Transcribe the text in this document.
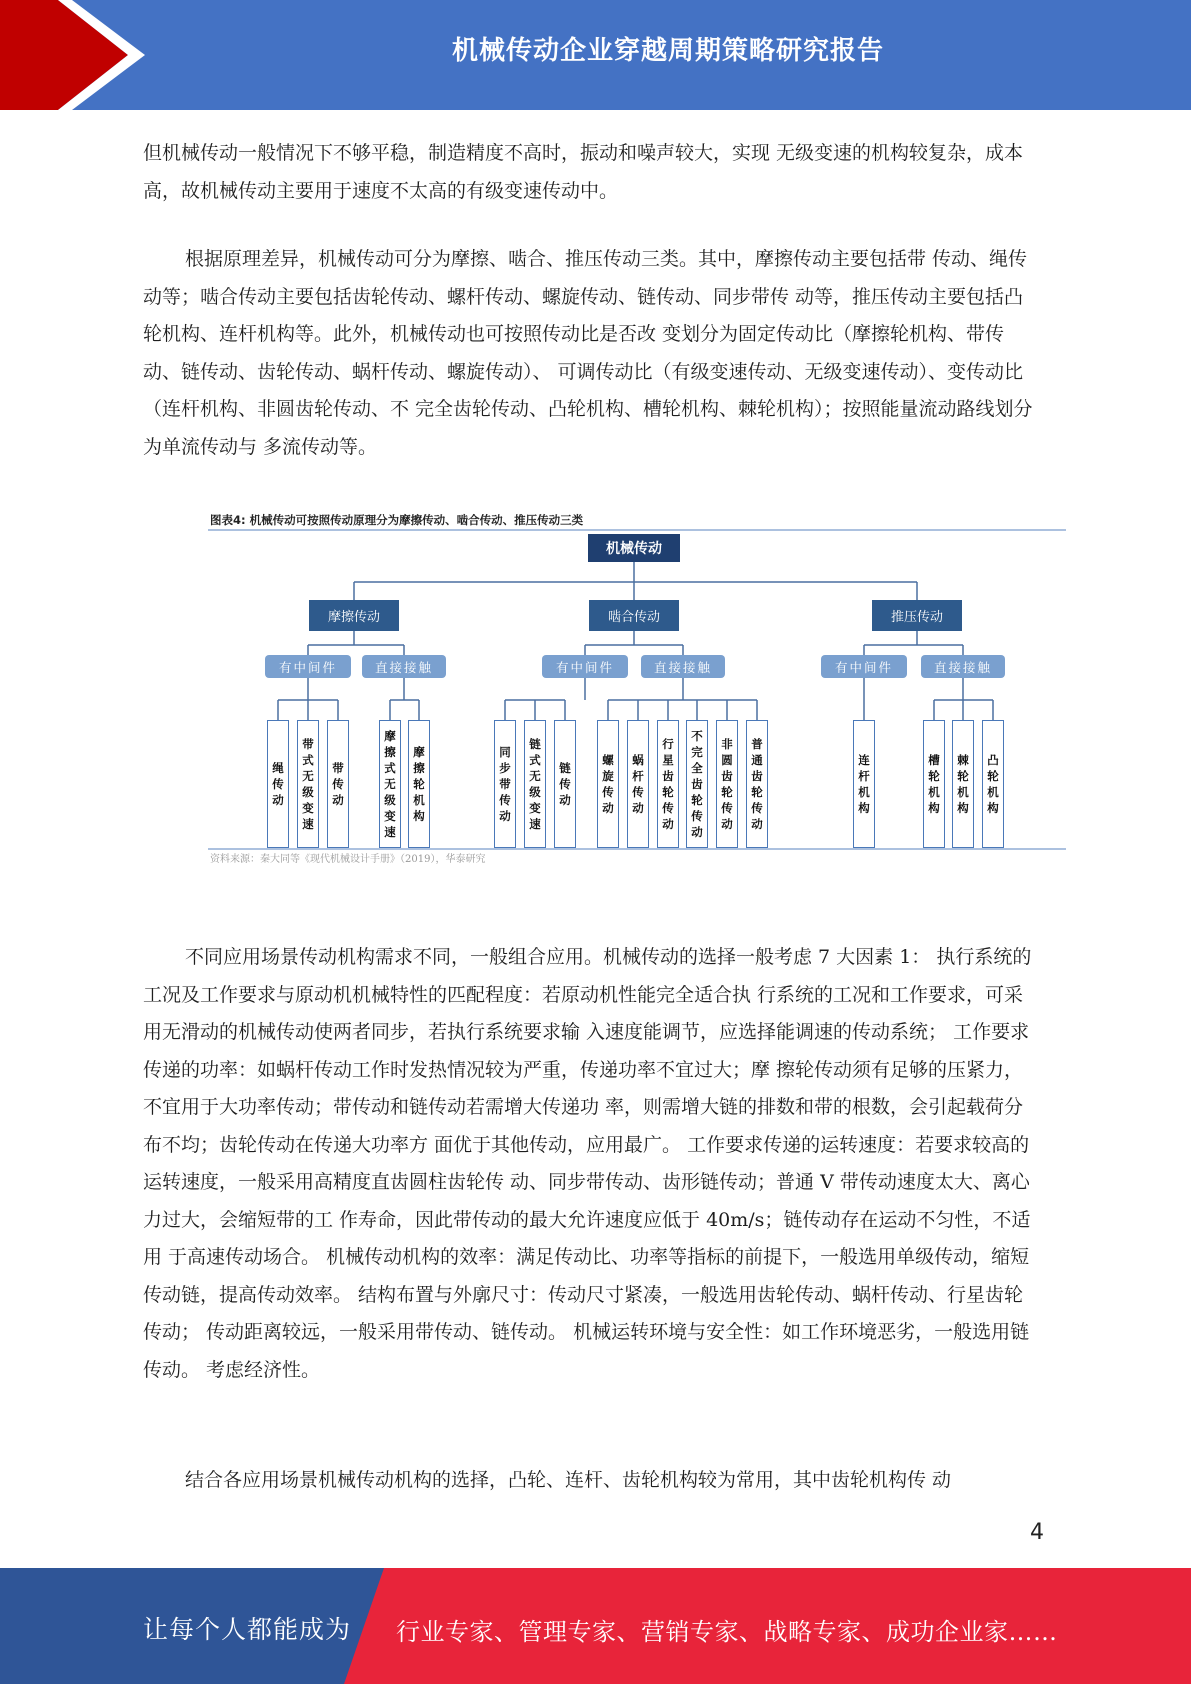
机械传动企业穿越周期策略研究报告

但机械传动一般情况下不够平稳，制造精度不高时，振动和噪声较大，实现 无级变速的机构较复杂，成本高，故机械传动主要用于速度不太高的有级变速传动中。

根据原理差异，机械传动可分为摩擦、啮合、推压传动三类。其中，摩擦传动主要包括带 传动、绳传动等；啮合传动主要包括齿轮传动、螺杆传动、螺旋传动、链传动、同步带传 动等，推压传动主要包括凸轮机构、连杆机构等。此外，机械传动也可按照传动比是否改 变划分为固定传动比（摩擦轮机构、带传动、链传动、齿轮传动、蜗杆传动、螺旋传动）、 可调传动比（有级变速传动、无级变速传动）、变传动比（连杆机构、非圆齿轮传动、不 完全齿轮传动、凸轮机构、槽轮机构、棘轮机构）；按照能量流动路线划分为单流传动与 多流传动等。

图表4: 机械传动可按照传动原理分为摩擦传动、啮合传动、推压传动三类
机械传动
摩擦传动	啮合传动	推压传动
有中间件	直接接触	有中间件	直接接触	有中间件	直接接触
绳传动
带式无级变速
带传动
摩擦式无级变速
摩擦轮机构
同步带传动
链式无级变速
链传动
螺旋传动
蜗杆传动
行星齿轮传动
不完全齿轮传动
非圆齿轮传动
普通齿轮传动
连杆机构
槽轮机构
棘轮机构
凸轮机构
资料来源：秦大同等《现代机械设计手册》（2019），华泰研究

不同应用场景传动机构需求不同，一般组合应用。机械传动的选择一般考虑 7 大因素 1： 执行系统的工况及工作要求与原动机机械特性的匹配程度：若原动机性能完全适合执 行系统的工况和工作要求，可采用无滑动的机械传动使两者同步，若执行系统要求输 入速度能调节，应选择能调速的传动系统； 工作要求传递的功率：如蜗杆传动工作时发热情况较为严重，传递功率不宜过大；摩 擦轮传动须有足够的压紧力，不宜用于大功率传动；带传动和链传动若需增大传递功 率，则需增大链的排数和带的根数，会引起载荷分布不均；齿轮传动在传递大功率方 面优于其他传动，应用最广。 工作要求传递的运转速度：若要求较高的运转速度，一般采用高精度直齿圆柱齿轮传 动、同步带传动、齿形链传动；普通 V 带传动速度太大、离心力过大，会缩短带的工 作寿命，因此带传动的最大允许速度应低于 40m/s；链传动存在运动不匀性，不适用 于高速传动场合。 机械传动机构的效率：满足传动比、功率等指标的前提下，一般选用单级传动，缩短 传动链，提高传动效率。 结构布置与外廓尺寸：传动尺寸紧凑，一般选用齿轮传动、蜗杆传动、行星齿轮传动； 传动距离较远，一般采用带传动、链传动。 机械运转环境与安全性：如工作环境恶劣，一般选用链传动。 考虑经济性。

结合各应用场景机械传动机构的选择，凸轮、连杆、齿轮机构较为常用，其中齿轮机构传 动

4
让每个人都能成为 行业专家、管理专家、营销专家、战略专家、成功企业家……
